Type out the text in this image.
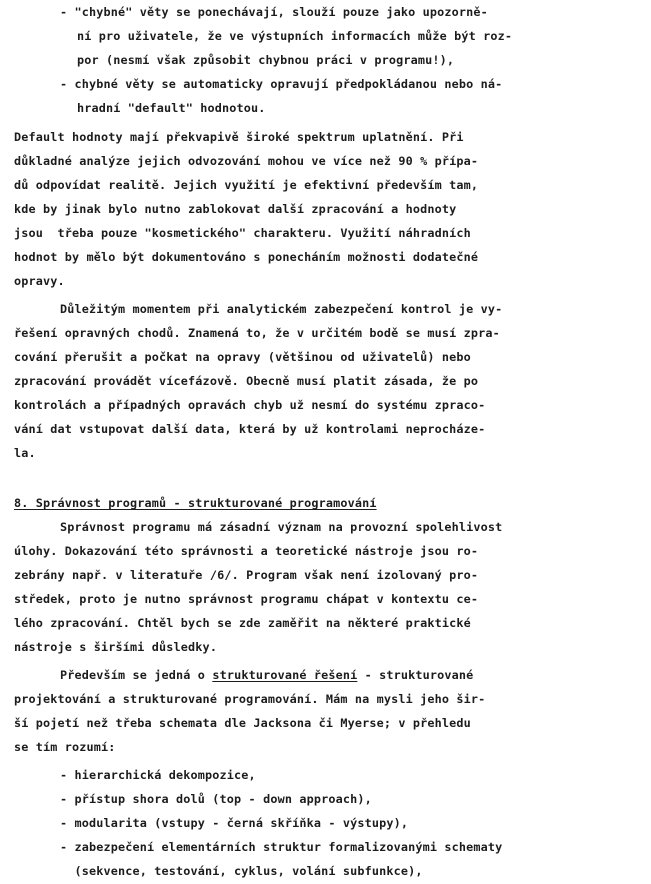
- "chybné" věty se ponechávají, slouží pouze jako upozorně-
ní pro uživatele, že ve výstupních informacích může být roz-
por (nesmí však způsobit chybnou práci v programu!),
- chybné věty se automaticky opravují předpokládanou nebo ná-
hradní "default" hodnotou.
Default hodnoty mají překvapivě široké spektrum uplatnění. Při
důkladné analýze jejich odvozování mohou ve více než 90 % přípa-
dů odpovídat realitě. Jejich využití je efektivní především tam,
kde by jinak bylo nutno zablokovat další zpracování a hodnoty
jsou  třeba pouze "kosmetického" charakteru. Využití náhradních
hodnot by mělo být dokumentováno s ponecháním možnosti dodatečné
opravy.
Důležitým momentem při analytickém zabezpečení kontrol je vy-
řešení opravných chodů. Znamená to, že v určitém bodě se musí zpra-
cování přerušit a počkat na opravy (většinou od uživatelů) nebo
zpracování provádět vícefázově. Obecně musí platit zásada, že po
kontrolách a případných opravách chyb už nesmí do systému zpraco-
vání dat vstupovat další data, která by už kontrolami neprocháze-
la.
8. Správnost programů - strukturované programování
Správnost programu má zásadní význam na provozní spolehlivost
úlohy. Dokazování této správnosti a teoretické nástroje jsou ro-
zebrány např. v literatuře /6/. Program však není izolovaný pro-
středek, proto je nutno správnost programu chápat v kontextu ce-
lého zpracování. Chtěl bych se zde zaměřit na některé praktické
nástroje s širšími důsledky.
Především se jedná o strukturované řešení - strukturované
projektování a strukturované programování. Mám na mysli jeho šir-
ší pojetí než třeba schemata dle Jacksona či Myerse; v přehledu
se tím rozumí:
- hierarchická dekompozice,
- přístup shora dolů (top - down approach),
- modularita (vstupy - černá skříňka - výstupy),
- zabezpečení elementárních struktur formalizovanými schematy
(sekvence, testování, cyklus, volání subfunkce),
